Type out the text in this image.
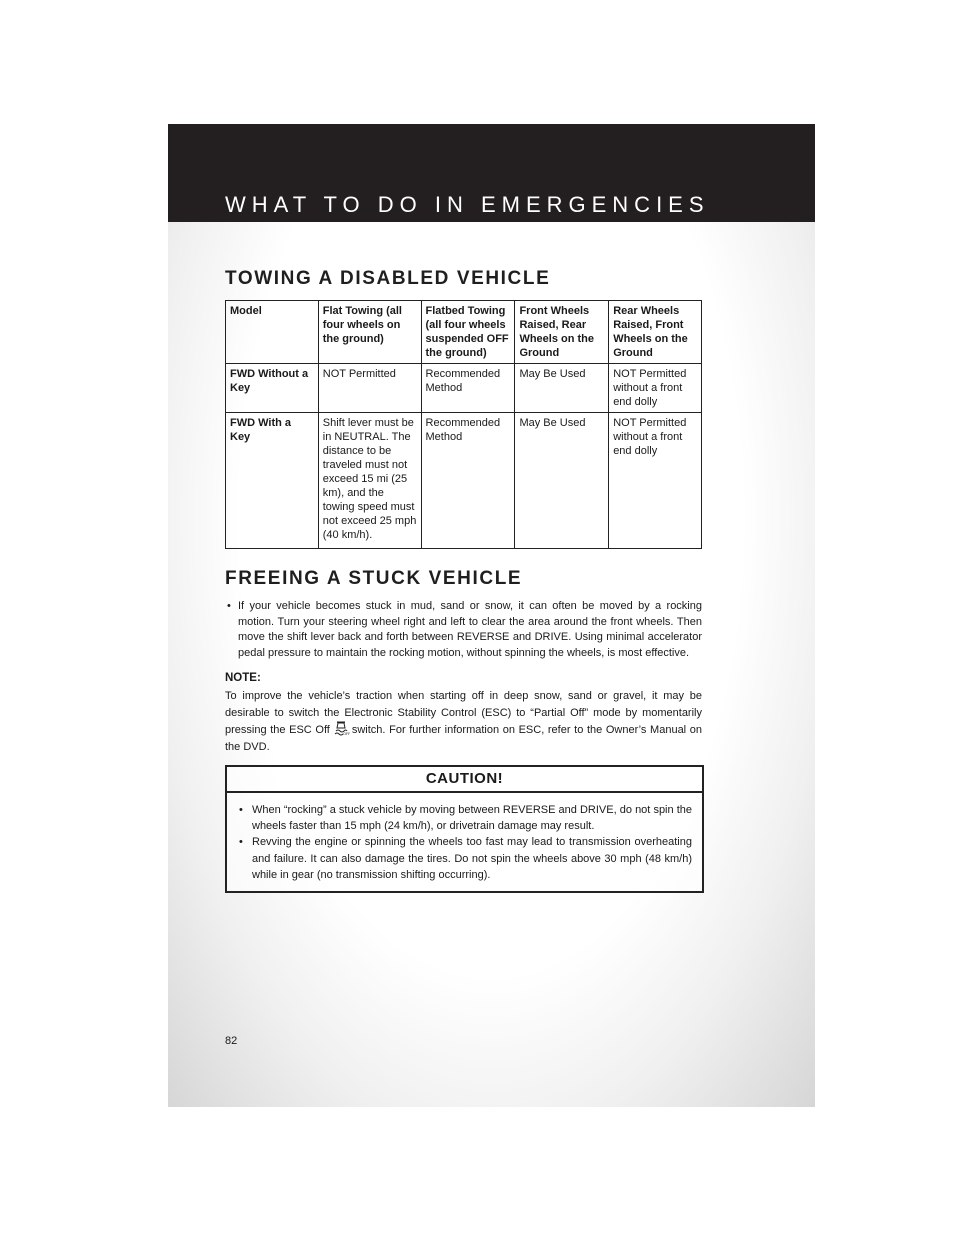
WHAT TO DO IN EMERGENCIES
TOWING A DISABLED VEHICLE
Model	Flat Towing (all four wheels on the ground)	Flatbed Towing (all four wheels suspended OFF the ground)	Front Wheels Raised, Rear Wheels on the Ground	Rear Wheels Raised, Front Wheels on the Ground
FWD Without a Key	NOT Permitted	Recommended Method	May Be Used	NOT Permitted without a front end dolly
FWD With a Key	Shift lever must be in NEUTRAL. The distance to be traveled must not exceed 15 mi (25 km), and the towing speed must not exceed 25 mph (40 km/h).	Recommended Method	May Be Used	NOT Permitted without a front end dolly
FREEING A STUCK VEHICLE
• If your vehicle becomes stuck in mud, sand or snow, it can often be moved by a rocking motion. Turn your steering wheel right and left to clear the area around the front wheels. Then move the shift lever back and forth between REVERSE and DRIVE. Using minimal accelerator pedal pressure to maintain the rocking motion, without spinning the wheels, is most effective.
NOTE:

To improve the vehicle’s traction when starting off in deep snow, sand or gravel, it may be desirable to switch the Electronic Stability Control (ESC) to “Partial Off” mode by momentarily pressing the ESC Off	OFF switch. For further information on ESC, refer to the Owner’s Manual on the DVD.

CAUTION!
• When “rocking” a stuck vehicle by moving between REVERSE and DRIVE, do not spin the wheels faster than 15 mph (24 km/h), or drivetrain damage may result.
• Revving the engine or spinning the wheels too fast may lead to transmission overheating and failure. It can also damage the tires. Do not spin the wheels above 30 mph (48 km/h) while in gear (no transmission shifting occurring).
82
